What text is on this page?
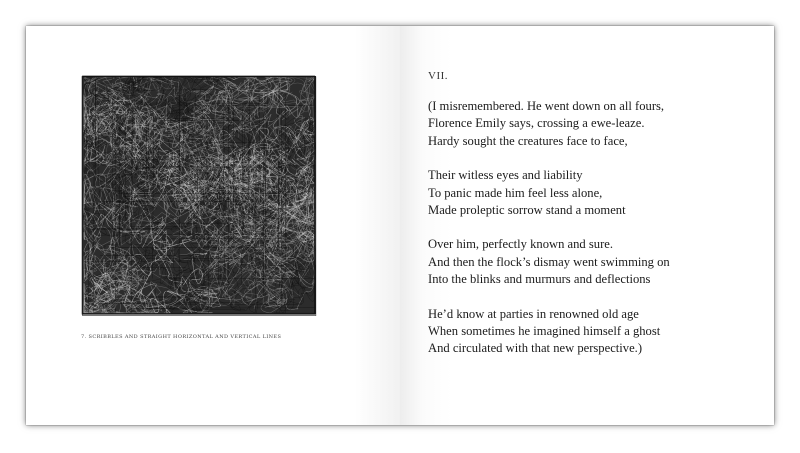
7. SCRIBBLES AND STRAIGHT HORIZONTAL AND VERTICAL LINES
VII.
(I misremembered. He went down on all fours,
Florence Emily says, crossing a ewe-leaze.
Hardy sought the creatures face to face,
Their witless eyes and liability
To panic made him feel less alone,
Made proleptic sorrow stand a moment
Over him, perfectly known and sure.
And then the flock’s dismay went swimming on
Into the blinks and murmurs and deflections
He’d know at parties in renowned old age
When sometimes he imagined himself a ghost
And circulated with that new perspective.)
